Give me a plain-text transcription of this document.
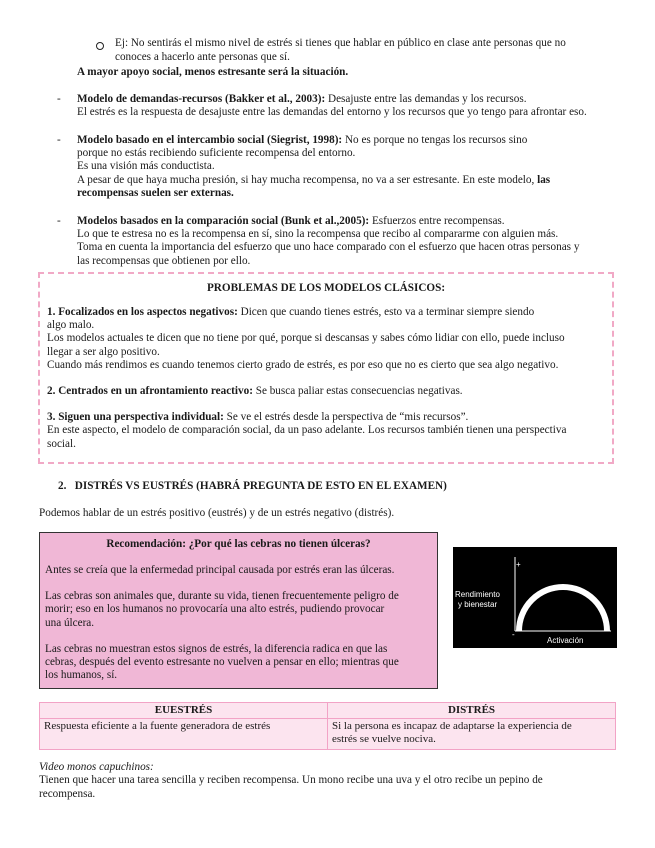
Ej: No sentirás el mismo nivel de estrés si tienes que hablar en público en clase ante personas que no
conoces a hacerlo ante personas que sí.
A mayor apoyo social, menos estresante será la situación.
- Modelo de demandas-recursos (Bakker et al., 2003): Desajuste entre las demandas y los recursos.
El estrés es la respuesta de desajuste entre las demandas del entorno y los recursos que yo tengo para afrontar eso.
- Modelo basado en el intercambio social (Siegrist, 1998): No es porque no tengas los recursos sino
porque no estás recibiendo suficiente recompensa del entorno.
Es una visión más conductista.
A pesar de que haya mucha presión, si hay mucha recompensa, no va a ser estresante. En este modelo, las
recompensas suelen ser externas.
- Modelos basados en la comparación social (Bunk et al.,2005): Esfuerzos entre recompensas.
Lo que te estresa no es la recompensa en sí, sino la recompensa que recibo al compararme con alguien más.
Toma en cuenta la importancia del esfuerzo que uno hace comparado con el esfuerzo que hacen otras personas y
las recompensas que obtienen por ello.
PROBLEMAS DE LOS MODELOS CLÁSICOS:
1. Focalizados en los aspectos negativos: Dicen que cuando tienes estrés, esto va a terminar siempre siendo
algo malo.
Los modelos actuales te dicen que no tiene por qué, porque si descansas y sabes cómo lidiar con ello, puede incluso
llegar a ser algo positivo.
Cuando más rendimos es cuando tenemos cierto grado de estrés, es por eso que no es cierto que sea algo negativo.
2. Centrados en un afrontamiento reactivo: Se busca paliar estas consecuencias negativas.
3. Siguen una perspectiva individual: Se ve el estrés desde la perspectiva de “mis recursos”.
En este aspecto, el modelo de comparación social, da un paso adelante. Los recursos también tienen una perspectiva
social.
2.   DISTRÉS VS EUSTRÉS (HABRÁ PREGUNTA DE ESTO EN EL EXAMEN)
Podemos hablar de un estrés positivo (eustrés) y de un estrés negativo (distrés).
Recomendación: ¿Por qué las cebras no tienen úlceras?
Antes se creía que la enfermedad principal causada por estrés eran las úlceras.
Las cebras son animales que, durante su vida, tienen frecuentemente peligro de
morir; eso en los humanos no provocaría una alto estrés, pudiendo provocar
una úlcera.
Las cebras no muestran estos signos de estrés, la diferencia radica en que las
cebras, después del evento estresante no vuelven a pensar en ello; mientras que
los humanos, sí.
+
-
Rendimiento
y bienestar
Activación
EUESTRÉS	DISTRÉS
Respuesta eficiente a la fuente generadora de estrés	Si la persona es incapaz de adaptarse la experiencia de
estrés se vuelve nociva.
Video monos capuchinos:
Tienen que hacer una tarea sencilla y reciben recompensa. Un mono recibe una uva y el otro recibe un pepino de
recompensa.
